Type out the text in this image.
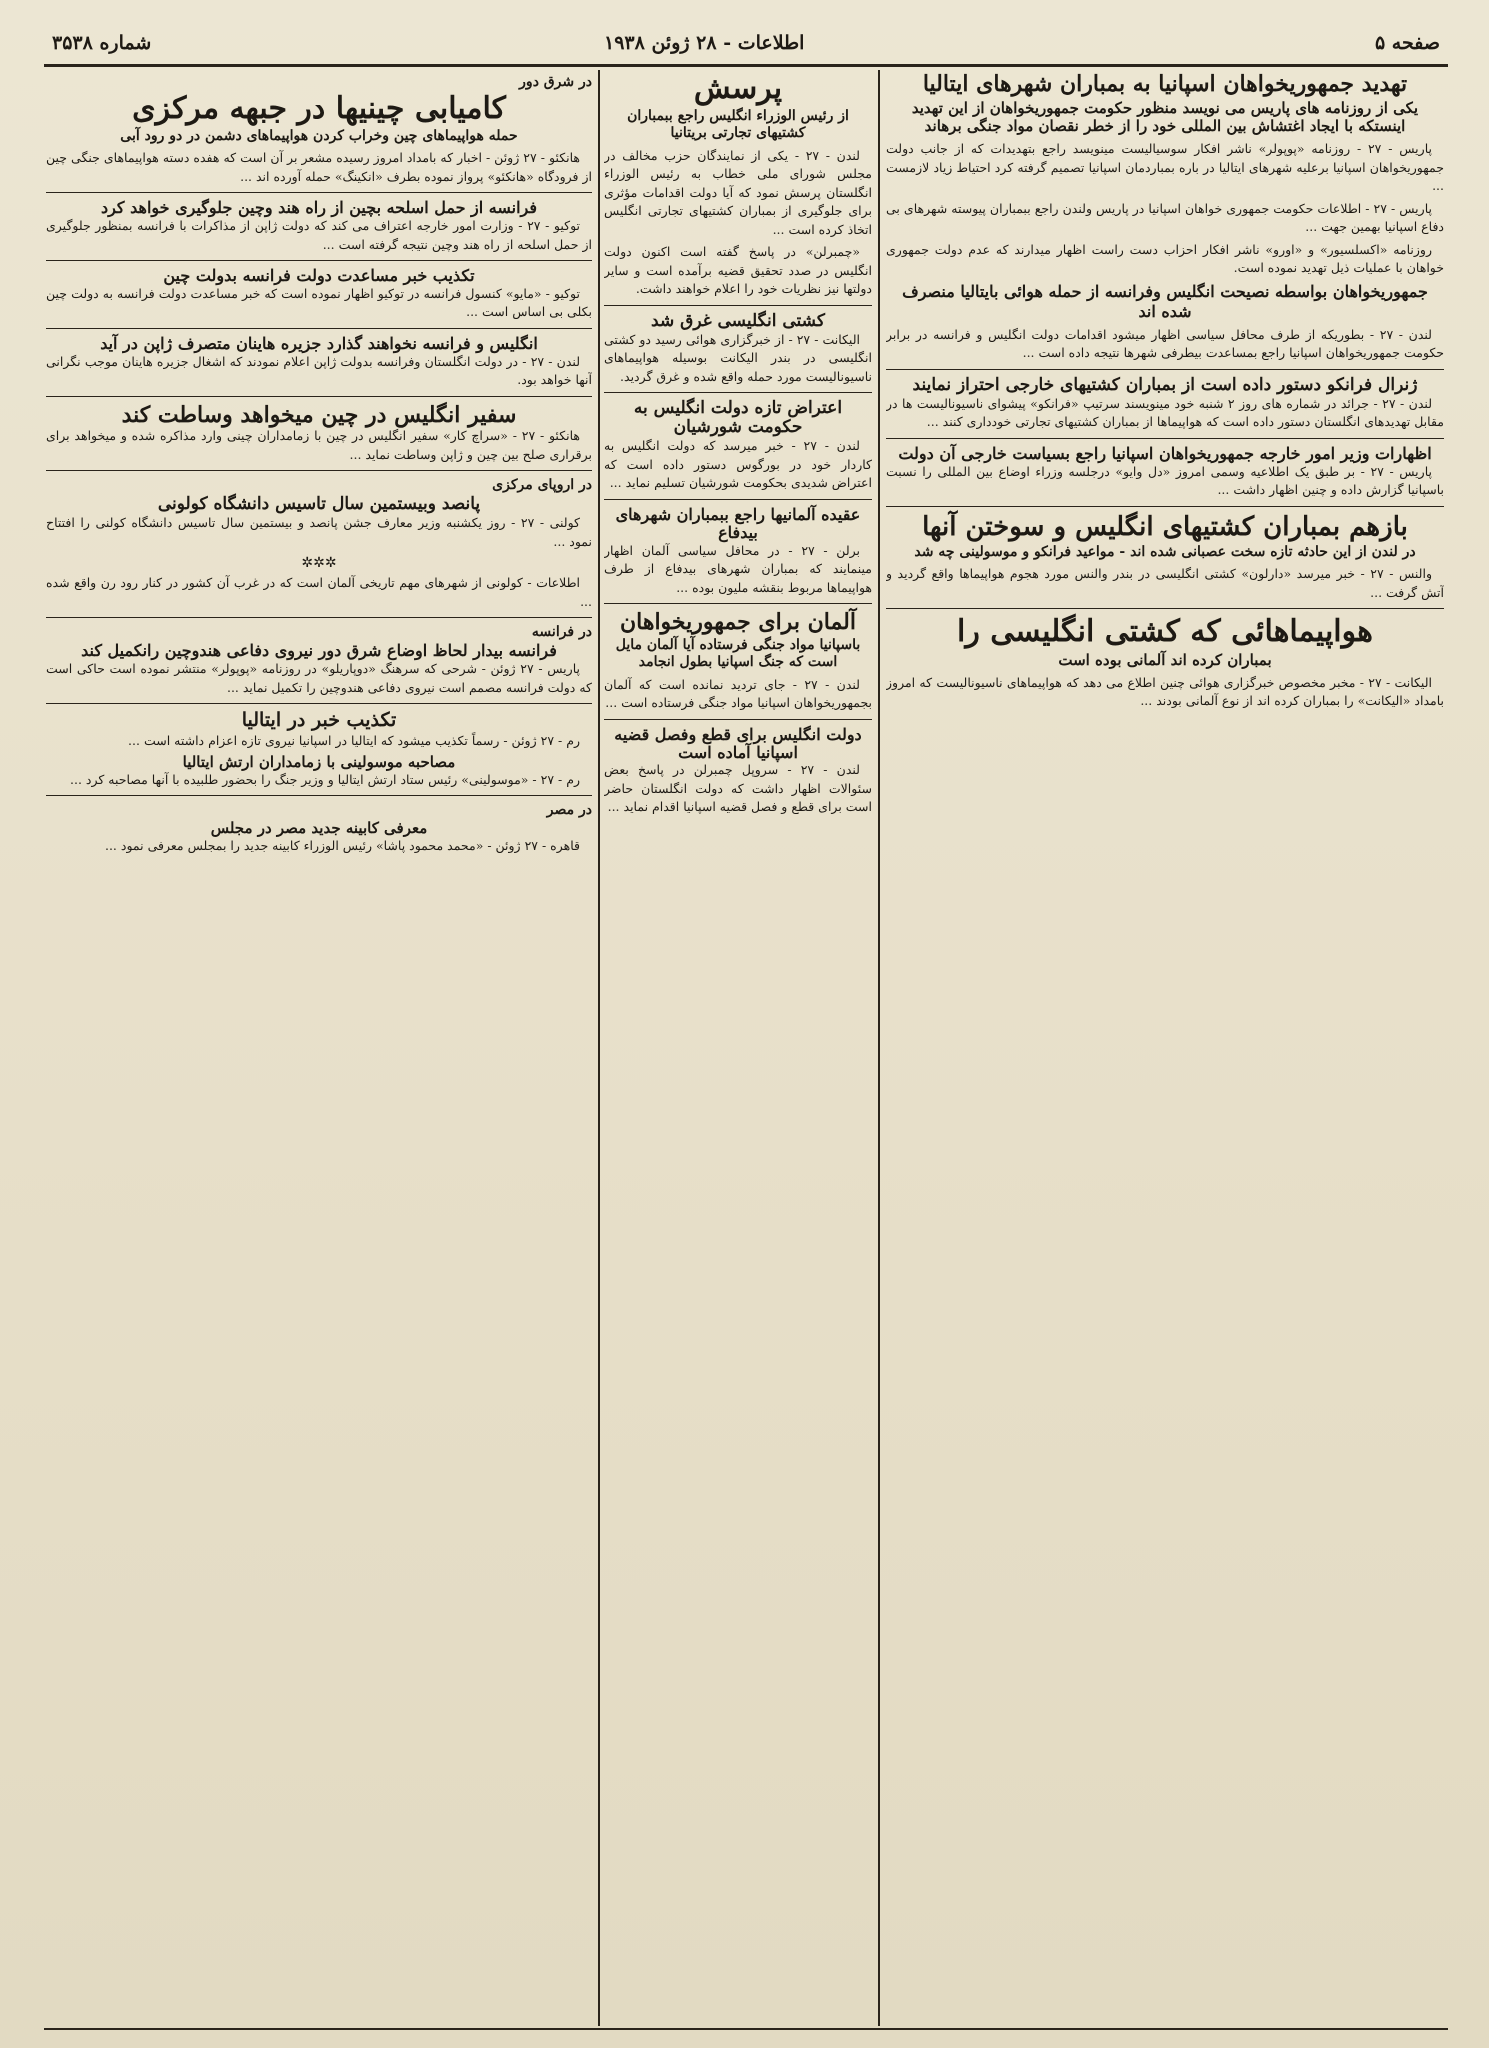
صفحه ۵
اطلاعات - ۲۸ ژوئن ۱۹۳۸
شماره ۳۵۳۸

تهدید جمهوریخواهان اسپانیا به بمباران شهرهای ایتالیا

یکی از روزنامه های پاریس می نویسد منظور حکومت جمهوریخواهان از این تهدید اینستکه با ایجاد اغتشاش بین المللی خود را از خطر نقصان مواد جنگی برهاند

پاریس - ۲۷ - روزنامه «پوپولر» ناشر افکار سوسیالیست مینویسد راجع بتهدیدات که از جانب دولت جمهوریخواهان اسپانیا برعلیه شهرهای ایتالیا در باره بمباردمان اسپانیا تصمیم گرفته کرد احتیاط زیاد لازمست ...

پاریس - ۲۷ - اطلاعات حکومت جمهوری خواهان اسپانیا در پاریس ولندن راجع ببمباران پیوسته شهرهای بی دفاع اسپانیا بهمین جهت ...

روزنامه «اکسلسیور» و «اورو» ناشر افکار احزاب دست راست اظهار میدارند که عدم دولت جمهوری خواهان با عملیات ذیل تهدید نموده است.

جمهوریخواهان بواسطه نصیحت انگلیس وفرانسه از حمله هوائی بایتالیا منصرف شده اند

لندن - ۲۷ - بطوریکه از طرف محافل سیاسی اظهار میشود اقدامات دولت انگلیس و فرانسه در برابر حکومت جمهوریخواهان اسپانیا راجع بمساعدت بیطرفی شهرها نتیجه داده است ...

ژنرال فرانکو دستور داده است از بمباران کشتیهای خارجی احتراز نمایند

لندن - ۲۷ - جرائد در شماره های روز ۲ شنبه خود مینویسند سرتیپ «فرانکو» پیشوای ناسیونالیست ها در مقابل تهدیدهای انگلستان دستور داده است که هواپیماها از بمباران کشتیهای تجارتی خودداری کنند ...

اظهارات وزیر امور خارجه جمهوریخواهان اسپانیا راجع بسیاست خارجی آن دولت

پاریس - ۲۷ - بر طبق یک اطلاعیه وسمی امروز «دل وایو» درجلسه وزراء اوضاع بین المللی را نسبت باسپانیا گزارش داده و چنین اظهار داشت ...

بازهم بمباران کشتیهای انگلیس و سوختن آنها

در لندن از این حادثه تازه سخت عصبانی شده اند - مواعید فرانکو و موسولینی چه شد

والنس - ۲۷ - خبر میرسد «دارلون» کشتی انگلیسی در بندر والنس مورد هجوم هواپیماها واقع گردید و آتش گرفت ...

هواپیماهائی که کشتی انگلیسی را

بمباران کرده اند آلمانی بوده است

الیکانت - ۲۷ - مخبر مخصوص خبرگزاری هوائی چنین اطلاع می دهد که هواپیماهای ناسیونالیست که امروز بامداد «الیکانت» را بمباران کرده اند از نوع آلمانی بودند ...

پرسش

از رئیس الوزراء انگلیس راجع ببمباران کشتیهای تجارتی بریتانیا

لندن - ۲۷ - یکی از نمایندگان حزب مخالف در مجلس شورای ملی خطاب به رئیس الوزراء انگلستان پرسش نمود که آیا دولت اقدامات مؤثری برای جلوگیری از بمباران کشتیهای تجارتی انگلیس اتخاذ کرده است ...

«چمبرلن» در پاسخ گفته است اکنون دولت انگلیس در صدد تحقیق قضیه برآمده است و سایر دولتها نیز نظریات خود را اعلام خواهند داشت.

کشتی انگلیسی غرق شد

الیکانت - ۲۷ - از خبرگزاری هوائی رسید دو کشتی انگلیسی در بندر الیکانت بوسیله هواپیماهای ناسیونالیست مورد حمله واقع شده و غرق گردید.

اعتراض تازه دولت انگلیس به حکومت شورشیان

لندن - ۲۷ - خبر میرسد که دولت انگلیس به کاردار خود در بورگوس دستور داده است که اعتراض شدیدی بحکومت شورشیان تسلیم نماید ...

عقیده آلمانیها راجع ببمباران شهرهای بیدفاع

برلن - ۲۷ - در محافل سیاسی آلمان اظهار مینمایند که بمباران شهرهای بیدفاع از طرف هواپیماها مربوط بنقشه ملیون بوده ...

آلمان برای جمهوریخواهان

باسپانیا مواد جنگی فرستاده آیا آلمان مایل است که جنگ اسپانیا بطول انجامد

لندن - ۲۷ - جای تردید نمانده است که آلمان بجمهوریخواهان اسپانیا مواد جنگی فرستاده است ...

دولت انگلیس برای قطع وفصل قضیه اسپانیا آماده است

لندن - ۲۷ - سروپل چمبرلن در پاسخ بعض سئوالات اظهار داشت که دولت انگلستان حاضر است برای قطع و فصل قضیه اسپانیا اقدام نماید ...

در شرق دور

کامیابی چینیها در جبهه مرکزی

حمله هواپیماهای چین وخراب کردن هواپیماهای دشمن در دو رود آبی

هانکئو - ۲۷ ژوئن - اخبار که بامداد امروز رسیده مشعر بر آن است که هفده دسته هواپیماهای جنگی چین از فرودگاه «هانکئو» پرواز نموده بطرف «انکینگ» حمله آورده اند ...

فرانسه از حمل اسلحه بچین از راه هند وچین جلوگیری خواهد کرد

توکیو - ۲۷ - وزارت امور خارجه اعتراف می کند که دولت ژاپن از مذاکرات با فرانسه بمنظور جلوگیری از حمل اسلحه از راه هند وچین نتیجه گرفته است ...

تکذیب خبر مساعدت دولت فرانسه بدولت چین

توکیو - «مایو» کنسول فرانسه در توکیو اظهار نموده است که خبر مساعدت دولت فرانسه به دولت چین بکلی بی اساس است ...

انگلیس و فرانسه نخواهند گذارد جزیره هاینان متصرف ژاپن در آید

لندن - ۲۷ - در دولت انگلستان وفرانسه بدولت ژاپن اعلام نمودند که اشغال جزیره هاینان موجب نگرانی آنها خواهد بود.

سفیر انگلیس در چین میخواهد وساطت کند

هانکئو - ۲۷ - «سراچ کار» سفیر انگلیس در چین با زمامداران چینی وارد مذاکره شده و میخواهد برای برقراری صلح بین چین و ژاپن وساطت نماید ...

در اروپای مرکزی

پانصد وبیستمین سال تاسیس دانشگاه کولونی

کولنی - ۲۷ - روز یکشنبه وزیر معارف جشن پانصد و بیستمین سال تاسیس دانشگاه کولنی را افتتاح نمود ...

✲✲✲

اطلاعات - کولونی از شهرهای مهم تاریخی آلمان است که در غرب آن کشور در کنار رود رن واقع شده ...

در فرانسه

فرانسه بیدار لحاظ اوضاع شرق دور نیروی دفاعی هندوچین رانکمیل کند

پاریس - ۲۷ ژوئن - شرحی که سرهنگ «دوپاریلو» در روزنامه «پوپولر» منتشر نموده است حاکی است که دولت فرانسه مصمم است نیروی دفاعی هندوچین را تکمیل نماید ...

تکذیب خبر در ایتالیا

رم - ۲۷ ژوئن - رسماً تکذیب میشود که ایتالیا در اسپانیا نیروی تازه اعزام داشته است ...

مصاحبه موسولینی با زمامداران ارتش ایتالیا

رم - ۲۷ - «موسولینی» رئیس ستاد ارتش ایتالیا و وزیر جنگ را بحضور طلبیده با آنها مصاحبه کرد ...

در مصر

معرفی کابینه جدید مصر در مجلس

قاهره - ۲۷ ژوئن - «محمد محمود پاشا» رئیس الوزراء کابینه جدید را بمجلس معرفی نمود ...
